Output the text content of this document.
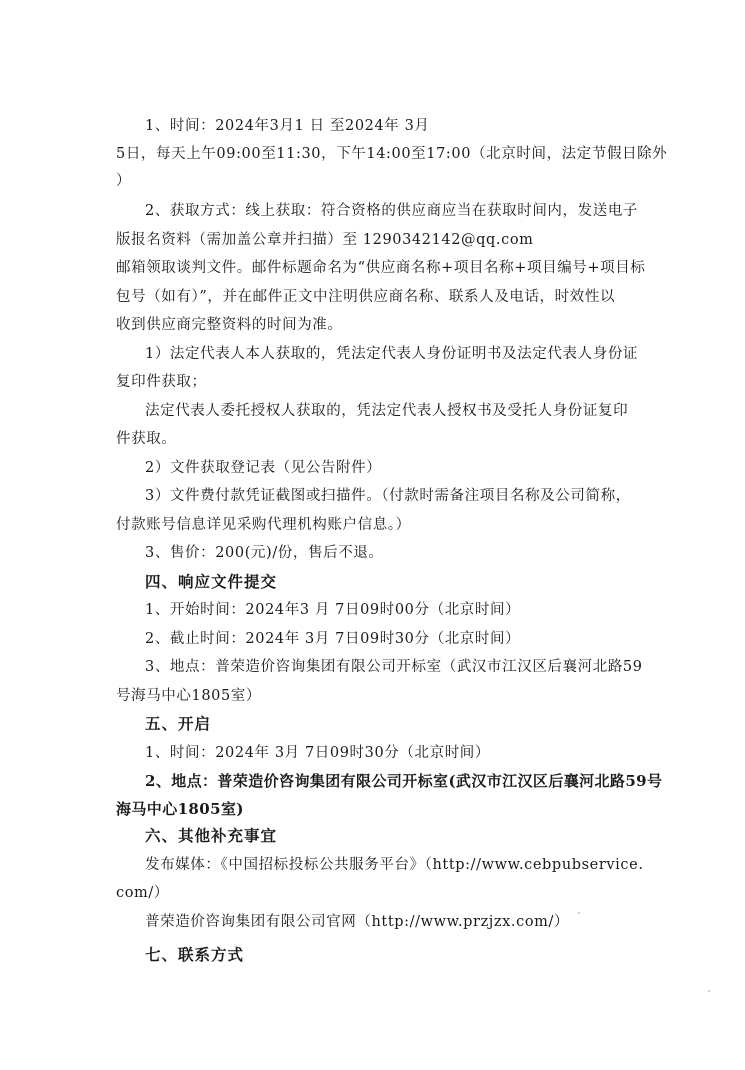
1、时间：2024年3月1 日 至2024年 3月
5日，每天上午09:00至11:30，下午14:00至17:00（北京时间，法定节假日除外
）
2、获取方式：线上获取：符合资格的供应商应当在获取时间内，发送电子
版报名资料（需加盖公章并扫描）至 1290342142@qq.com
邮箱领取谈判文件。邮件标题命名为“供应商名称+项目名称+项目编号+项目标
包号（如有）”，并在邮件正文中注明供应商名称、联系人及电话，时效性以
收到供应商完整资料的时间为准。
1）法定代表人本人获取的，凭法定代表人身份证明书及法定代表人身份证
复印件获取；
法定代表人委托授权人获取的，凭法定代表人授权书及受托人身份证复印
件获取。
2）文件获取登记表（见公告附件）
3）文件费付款凭证截图或扫描件。（付款时需备注项目名称及公司简称，
付款账号信息详见采购代理机构账户信息。）
3、售价：200(元)/份，售后不退。
四、响应文件提交
1、开始时间：2024年3 月 7日09时00分（北京时间）
2、截止时间：2024年 3月 7日09时30分（北京时间）
3、地点：普荣造价咨询集团有限公司开标室（武汉市江汉区后襄河北路59
号海马中心1805室）
五、开启
1、时间：2024年 3月 7日09时30分（北京时间）
2、地点：普荣造价咨询集团有限公司开标室(武汉市江汉区后襄河北路59号
海马中心1805室)
六、其他补充事宜
发布媒体：《中国招标投标公共服务平台》（http://www.cebpubservice.
com/）
普荣造价咨询集团有限公司官网（http://www.przjzx.com/）
七、联系方式
